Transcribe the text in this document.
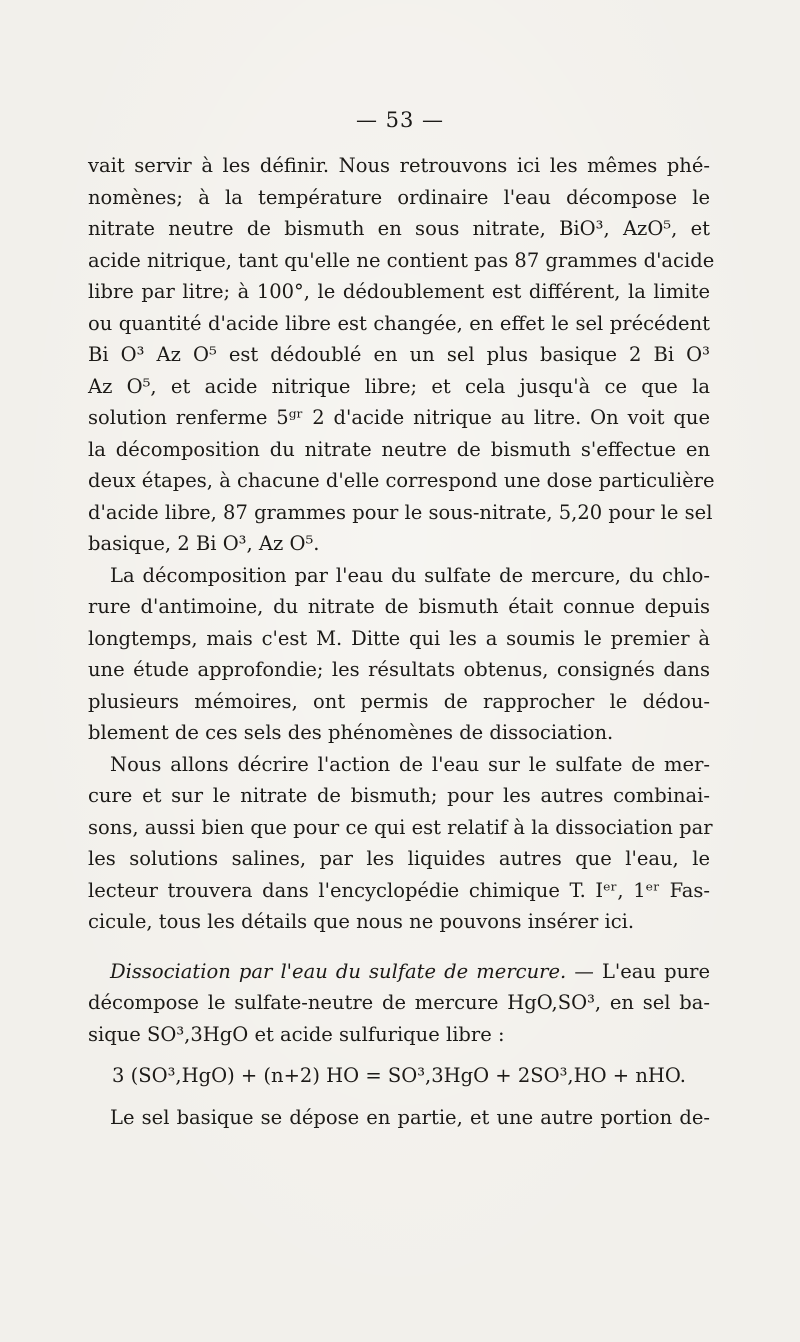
— 53 —
vait servir à les définir. Nous retrouvons ici les mêmes phé-
nomènes; à la température ordinaire l'eau décompose le
nitrate neutre de bismuth en sous nitrate, BiO³, AzO⁵, et
acide nitrique, tant qu'elle ne contient pas 87 grammes d'acide
libre par litre; à 100°, le dédoublement est différent, la limite
ou quantité d'acide libre est changée, en effet le sel précédent
Bi O³ Az O⁵ est dédoublé en un sel plus basique 2 Bi O³
Az O⁵, et acide nitrique libre; et cela jusqu'à ce que la
solution renferme 5ᵍʳ 2 d'acide nitrique au litre. On voit que
la décomposition du nitrate neutre de bismuth s'effectue en
deux étapes, à chacune d'elle correspond une dose particulière
d'acide libre, 87 grammes pour le sous-nitrate, 5,20 pour le sel
basique, 2 Bi O³, Az O⁵.
La décomposition par l'eau du sulfate de mercure, du chlo-
rure d'antimoine, du nitrate de bismuth était connue depuis
longtemps, mais c'est M. Ditte qui les a soumis le premier à
une étude approfondie; les résultats obtenus, consignés dans
plusieurs mémoires, ont permis de rapprocher le dédou-
blement de ces sels des phénomènes de dissociation.
Nous allons décrire l'action de l'eau sur le sulfate de mer-
cure et sur le nitrate de bismuth; pour les autres combinai-
sons, aussi bien que pour ce qui est relatif à la dissociation par
les solutions salines, par les liquides autres que l'eau, le
lecteur trouvera dans l'encyclopédie chimique T. Iᵉʳ, 1ᵉʳ Fas-
cicule, tous les détails que nous ne pouvons insérer ici.
Dissociation par l'eau du sulfate de mercure. — L'eau pure
décompose le sulfate-neutre de mercure HgO,SO³, en sel ba-
sique SO³,3HgO et acide sulfurique libre :
3 (SO³,HgO) + (n+2) HO = SO³,3HgO + 2SO³,HO + nHO.
Le sel basique se dépose en partie, et une autre portion de-
